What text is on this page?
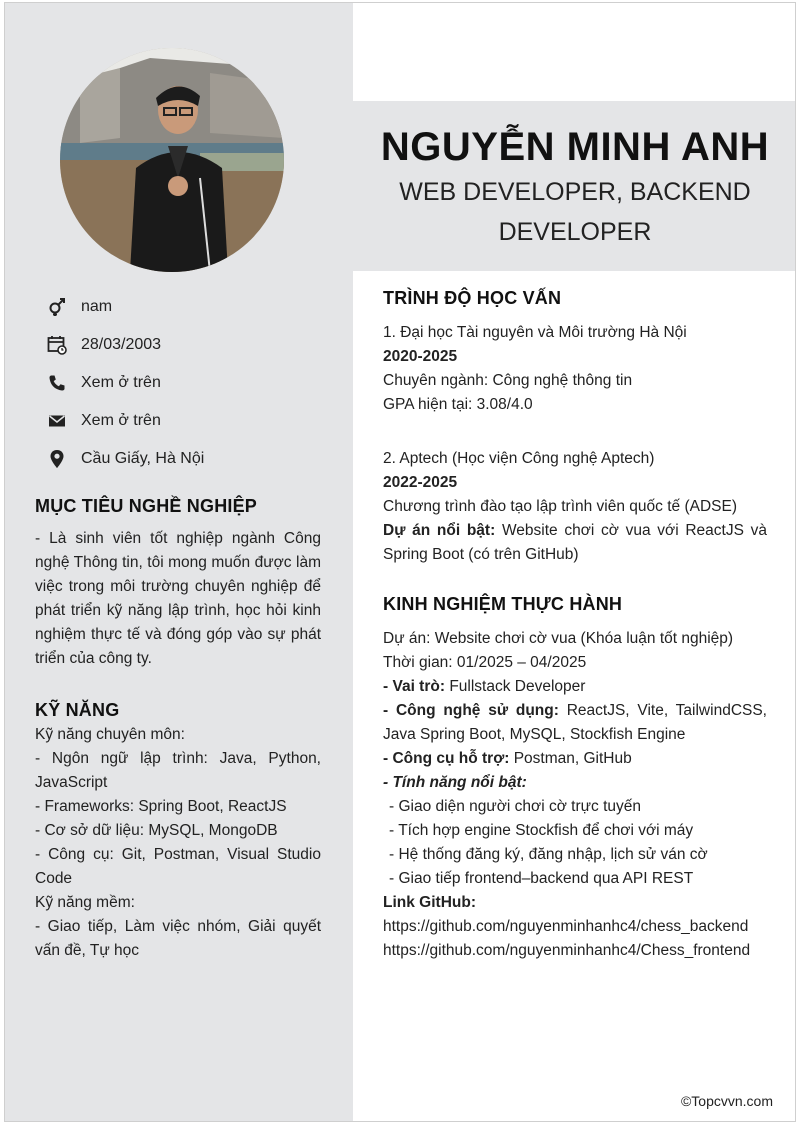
nam
28/03/2003
Xem ở trên
Xem ở trên
Cầu Giấy, Hà Nội
MỤC TIÊU NGHỀ NGHIỆP
- Là sinh viên tốt nghiệp ngành Công nghệ Thông tin, tôi mong muốn được làm việc trong môi trường chuyên nghiệp để phát triển kỹ năng lập trình, học hỏi kinh nghiệm thực tế và đóng góp vào sự phát triển của công ty.
KỸ NĂNG
Kỹ năng chuyên môn:
- Ngôn ngữ lập trình: Java, Python, JavaScript
- Frameworks: Spring Boot, ReactJS
- Cơ sở dữ liệu: MySQL, MongoDB
- Công cụ: Git, Postman, Visual Studio Code
Kỹ năng mềm:
- Giao tiếp, Làm việc nhóm, Giải quyết vấn đề, Tự học
NGUYỄN MINH ANH
WEB DEVELOPER, BACKEND DEVELOPER
TRÌNH ĐỘ HỌC VẤN
1. Đại học Tài nguyên và Môi trường Hà Nội
2020-2025
Chuyên ngành: Công nghệ thông tin
GPA hiện tại: 3.08/4.0
2. Aptech (Học viện Công nghệ Aptech)
2022-2025
Chương trình đào tạo lập trình viên quốc tế (ADSE)
Dự án nổi bật: Website chơi cờ vua với ReactJS và Spring Boot (có trên GitHub)
KINH NGHIỆM THỰC HÀNH
Dự án: Website chơi cờ vua (Khóa luận tốt nghiệp)
Thời gian: 01/2025 – 04/2025
- Vai trò: Fullstack Developer
- Công nghệ sử dụng: ReactJS, Vite, TailwindCSS, Java Spring Boot, MySQL, Stockfish Engine
- Công cụ hỗ trợ: Postman, GitHub
- Tính năng nổi bật:
- Giao diện người chơi cờ trực tuyến
- Tích hợp engine Stockfish để chơi với máy
- Hệ thống đăng ký, đăng nhập, lịch sử ván cờ
- Giao tiếp frontend–backend qua API REST
Link GitHub:
https://github.com/nguyenminhanhc4/chess_backend
https://github.com/nguyenminhanhc4/Chess_frontend
©Topcvvn.com
